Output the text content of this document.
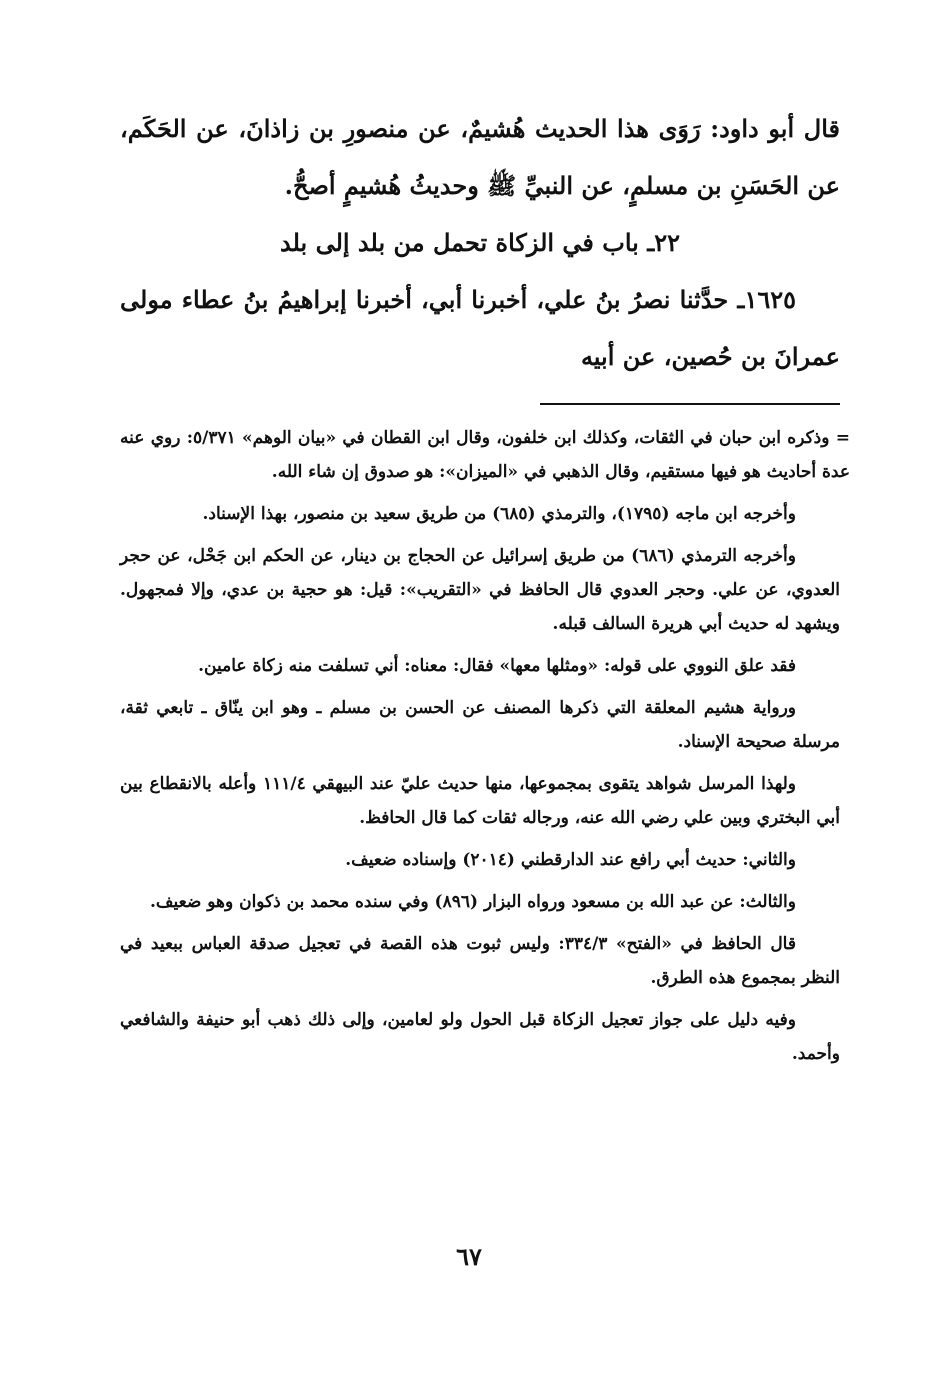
قال أبو داود: رَوَى هذا الحديث هُشيمٌ، عن منصورِ بن زاذانَ، عن الحَكَم، عن الحَسَنِ بن مسلمٍ، عن النبيِّ ﷺ وحديثُ هُشيمٍ أصحُّ.

٢٢ـ باب في الزكاة تحمل من بلد إلى بلد

١٦٢٥ـ حدَّثنا نصرُ بنُ علي، أخبرنا أبي، أخبرنا إبراهيمُ بنُ عطاء مولى عمرانَ بن حُصين، عن أبيه

= وذكره ابن حبان في الثقات، وكذلك ابن خلفون، وقال ابن القطان في «بيان الوهم» ٥/٣٧١: روي عنه عدة أحاديث هو فيها مستقيم، وقال الذهبي في «الميزان»: هو صدوق إن شاء الله.

وأخرجه ابن ماجه (١٧٩٥)، والترمذي (٦٨٥) من طريق سعيد بن منصور، بهذا الإسناد.

وأخرجه الترمذي (٦٨٦) من طريق إسرائيل عن الحجاج بن دينار، عن الحكم ابن جَحْل، عن حجر العدوي، عن علي. وحجر العدوي قال الحافظ في «التقريب»: قيل: هو حجية بن عدي، وإلا فمجهول. ويشهد له حديث أبي هريرة السالف قبله.

فقد علق النووي على قوله: «ومثلها معها» فقال: معناه: أني تسلفت منه زكاة عامين.

ورواية هشيم المعلقة التي ذكرها المصنف عن الحسن بن مسلم ـ وهو ابن ينّاق ـ تابعي ثقة، مرسلة صحيحة الإسناد.

ولهذا المرسل شواهد يتقوى بمجموعها، منها حديث عليّ عند البيهقي ١١١/٤ وأعله بالانقطاع بين أبي البختري وبين علي رضي الله عنه، ورجاله ثقات كما قال الحافظ.

والثاني: حديث أبي رافع عند الدارقطني (٢٠١٤) وإسناده ضعيف.

والثالث: عن عبد الله بن مسعود ورواه البزار (٨٩٦) وفي سنده محمد بن ذكوان وهو ضعيف.

قال الحافظ في «الفتح» ٣٣٤/٣: وليس ثبوت هذه القصة في تعجيل صدقة العباس ببعيد في النظر بمجموع هذه الطرق.

وفيه دليل على جواز تعجيل الزكاة قبل الحول ولو لعامين، وإلى ذلك ذهب أبو حنيفة والشافعي وأحمد.

٦٧
